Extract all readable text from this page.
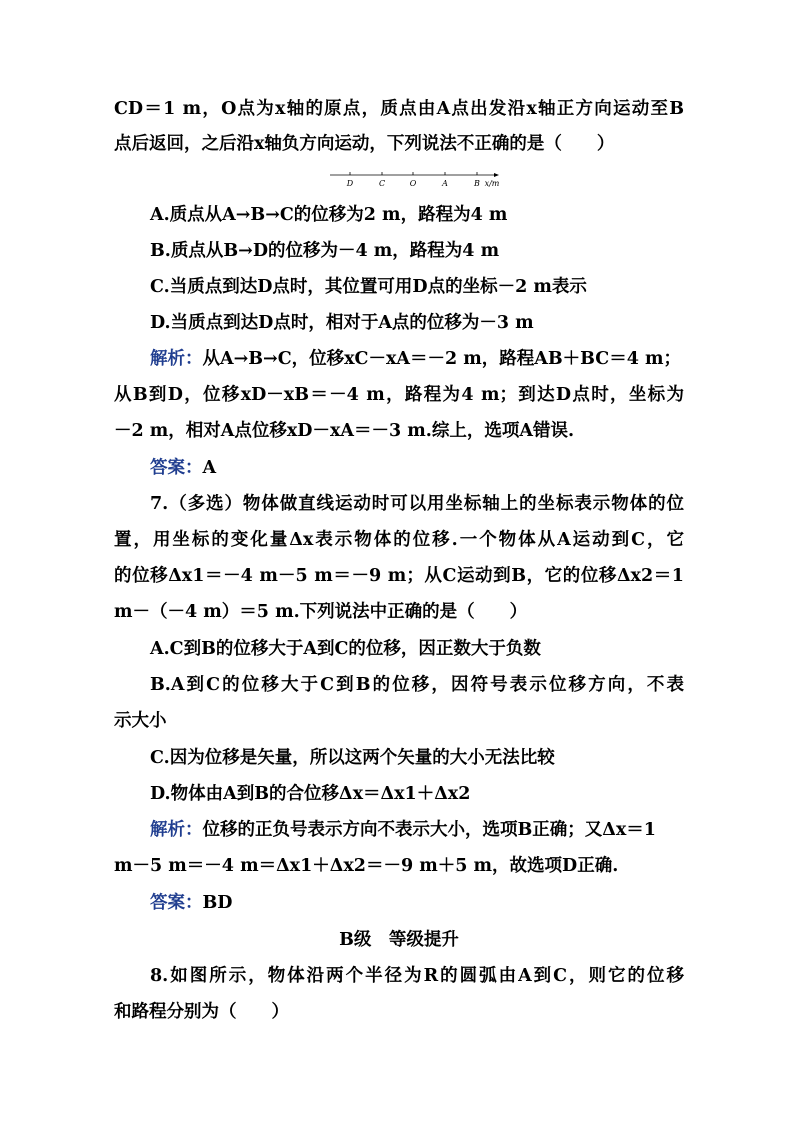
CD＝1 m，O点为x轴的原点，质点由A点出发沿x轴正方向运动至B
点后返回，之后沿x轴负方向运动，下列说法不正确的是（　　）
D	C	O	A	B x/m
A.质点从A→B→C的位移为2 m，路程为4 m
B.质点从B→D的位移为－4 m，路程为4 m
C.当质点到达D点时，其位置可用D点的坐标－2 m表示
D.当质点到达D点时，相对于A点的位移为－3 m
解析：从A→B→C，位移xC－xA＝－2 m，路程AB＋BC＝4 m；
从B到D，位移xD－xB＝－4 m，路程为4 m；到达D点时，坐标为
－2 m，相对A点位移xD－xA＝－3 m.综上，选项A错误.
答案：A
7.（多选）物体做直线运动时可以用坐标轴上的坐标表示物体的位
置，用坐标的变化量Δx表示物体的位移.一个物体从A运动到C，它
的位移Δx1＝－4 m－5 m＝－9 m；从C运动到B，它的位移Δx2＝1
m－（－4 m）＝5 m.下列说法中正确的是（　　）
A.C到B的位移大于A到C的位移，因正数大于负数
B.A到C的位移大于C到B的位移，因符号表示位移方向，不表
示大小
C.因为位移是矢量，所以这两个矢量的大小无法比较
D.物体由A到B的合位移Δx＝Δx1＋Δx2
解析：位移的正负号表示方向不表示大小，选项B正确；又Δx＝1
m－5 m＝－4 m＝Δx1＋Δx2＝－9 m＋5 m，故选项D正确.
答案：BD
B级　等级提升
8.如图所示，物体沿两个半径为R的圆弧由A到C，则它的位移
和路程分别为（　　）
